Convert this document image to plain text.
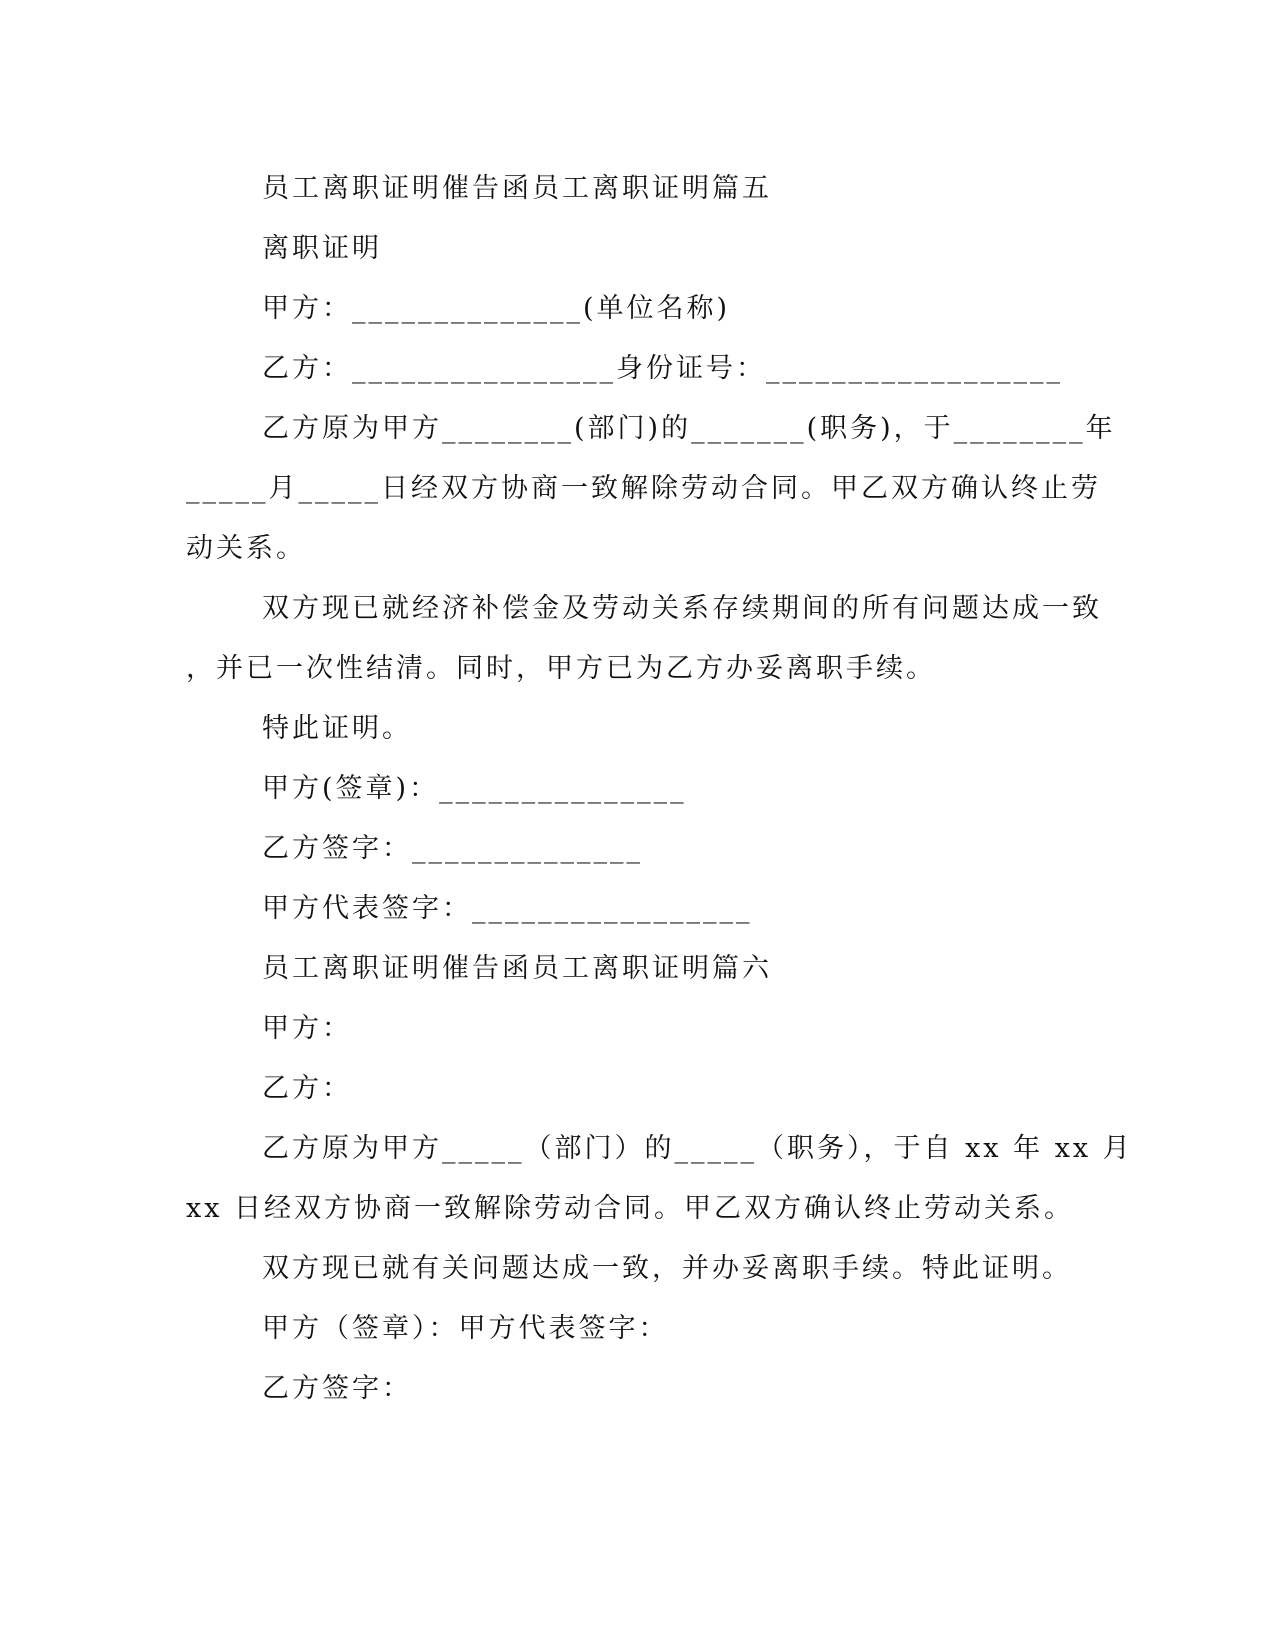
员工离职证明催告函员工离职证明篇五
离职证明
甲方：______________(单位名称)
乙方：________________身份证号：__________________
乙方原为甲方________(部门)的_______(职务)，于________年
_____月_____日经双方协商一致解除劳动合同。甲乙双方确认终止劳
动关系。
双方现已就经济补偿金及劳动关系存续期间的所有问题达成一致
，并已一次性结清。同时，甲方已为乙方办妥离职手续。
特此证明。
甲方(签章)：_______________
乙方签字：______________
甲方代表签字：_________________
员工离职证明催告函员工离职证明篇六
甲方：
乙方：
乙方原为甲方_____（部门）的_____（职务），于自 xx 年 xx 月
xx 日经双方协商一致解除劳动合同。甲乙双方确认终止劳动关系。
双方现已就有关问题达成一致，并办妥离职手续。特此证明。
甲方（签章）：甲方代表签字：
乙方签字：
